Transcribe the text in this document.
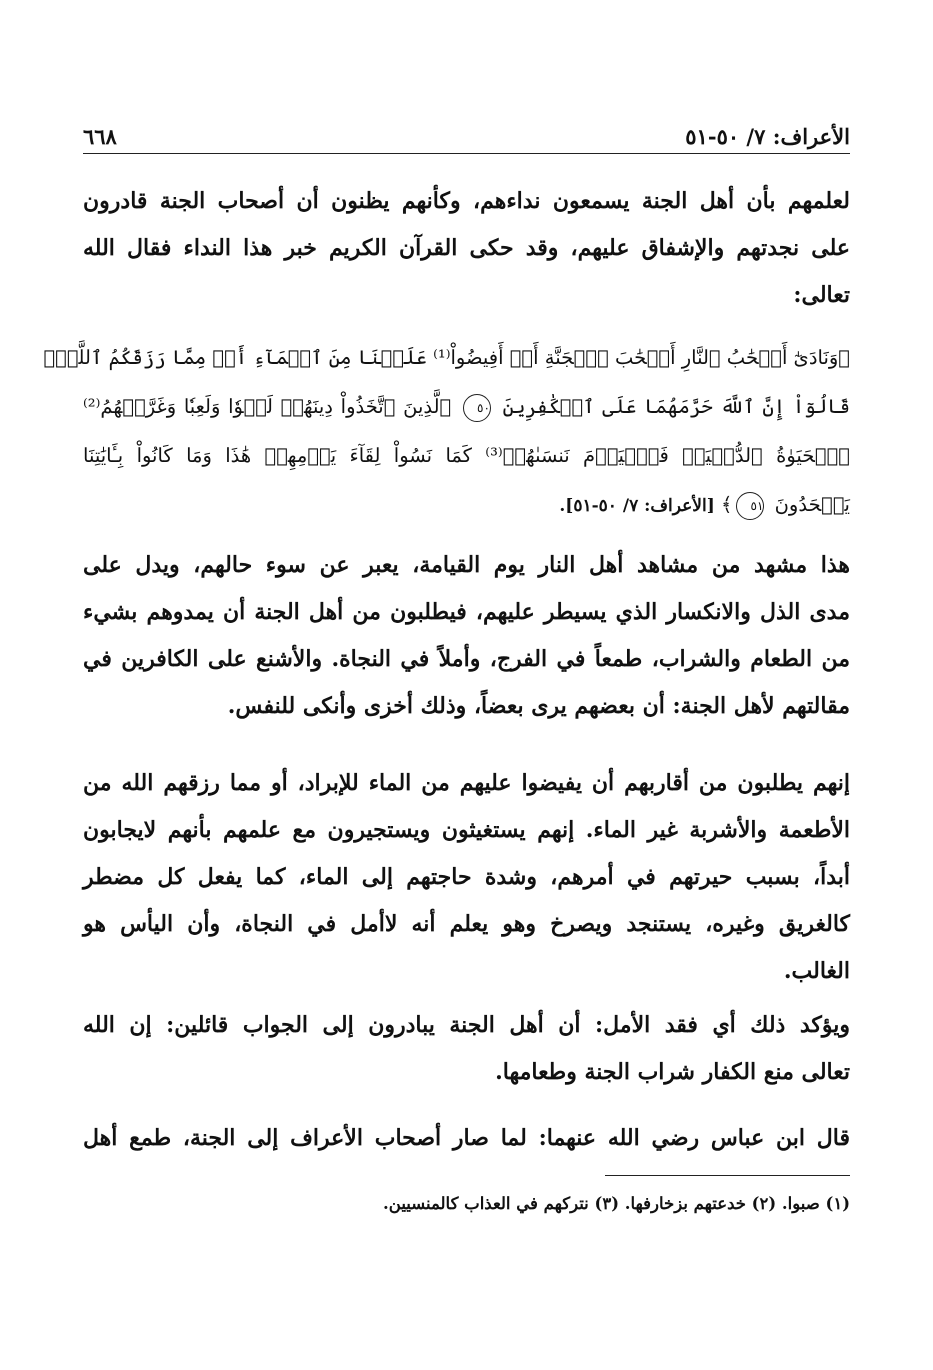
الأعراف: ٧/ ٥٠-٥١
٦٦٨
لعلمهم بأن أهل الجنة يسمعون نداءهم، وكأنهم يظنون أن أصحاب الجنة قادرون
على نجدتهم والإشفاق عليهم، وقد حكى القرآن الكريم خبر هذا النداء فقال الله
تعالى:
﴿وَنَادَىٰٓ أَصۡحَٰبُ ٱلنَّارِ أَصۡحَٰبَ ٱلۡجَنَّةِ أَنۡ أَفِيضُواْ⁽¹⁾ عَلَيۡنَا مِنَ ٱلۡمَآءِ أَوۡ مِمَّا رَزَقَكُمُ ٱللَّهُۚ
قَالُوٓاْ إِنَّ ٱللَّهَ حَرَّمَهُمَا عَلَى ٱلۡكَٰفِرِينَ ٥٠ ٱلَّذِينَ ٱتَّخَذُواْ دِينَهُمۡ لَهۡوٗا وَلَعِبٗا وَغَرَّتۡهُمُ⁽²⁾
ٱلۡحَيَوٰةُ ٱلدُّنۡيَاۚ فَٱلۡيَوۡمَ نَنسَىٰهُمۡ⁽³⁾ كَمَا نَسُواْ لِقَآءَ يَوۡمِهِمۡ هَٰذَا وَمَا كَانُواْ بِـَٔايَٰتِنَا
يَجۡحَدُونَ ٥١﴾ [الأعراف: ٧/ ٥٠-٥١].
هذا مشهد من مشاهد أهل النار يوم القيامة، يعبر عن سوء حالهم، ويدل على
مدى الذل والانكسار الذي يسيطر عليهم، فيطلبون من أهل الجنة أن يمدوهم بشيء
من الطعام والشراب، طمعاً في الفرج، وأملاً في النجاة. والأشنع على الكافرين في
مقالتهم لأهل الجنة: أن بعضهم يرى بعضاً، وذلك أخزى وأنكى للنفس.
إنهم يطلبون من أقاربهم أن يفيضوا عليهم من الماء للإبراد، أو مما رزقهم الله من
الأطعمة والأشربة غير الماء. إنهم يستغيثون ويستجيرون مع علمهم بأنهم لايجابون
أبداً، بسبب حيرتهم في أمرهم، وشدة حاجتهم إلى الماء، كما يفعل كل مضطر
كالغريق وغيره، يستنجد ويصرخ وهو يعلم أنه لاأمل في النجاة، وأن اليأس هو
الغالب.
ويؤكد ذلك أي فقد الأمل: أن أهل الجنة يبادرون إلى الجواب قائلين: إن الله
تعالى منع الكفار شراب الجنة وطعامها.
قال ابن عباس رضي الله عنهما: لما صار أصحاب الأعراف إلى الجنة، طمع أهل
(١) صبوا. (٢) خدعتهم بزخارفها. (٣) نتركهم في العذاب كالمنسيين.
